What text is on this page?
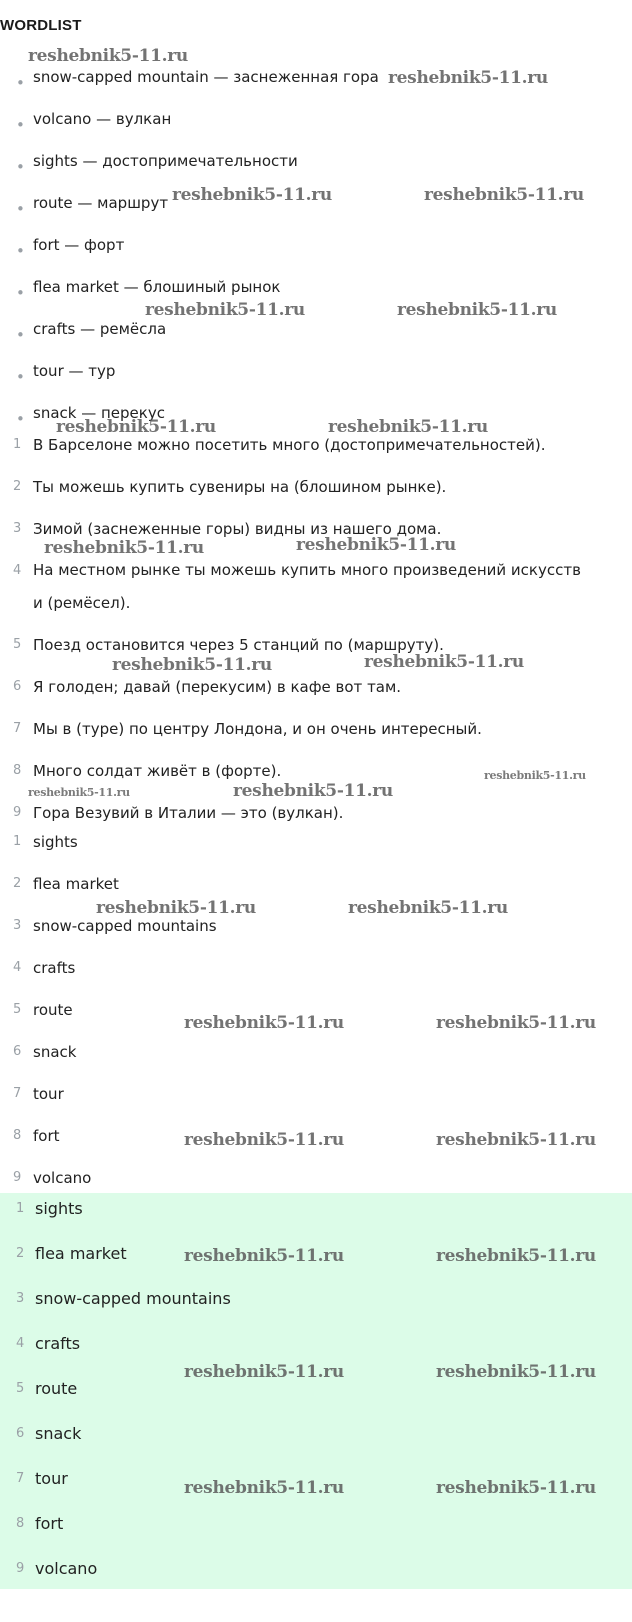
WORDLIST
• snow-capped mountain — заснеженная гора
• volcano — вулкан
• sights — достопримечательности
• route — маршрут
• fort — форт
• flea market — блошиный рынок
• crafts — ремёсла
• tour — тур
• snack — перекус
1 В Барселоне можно посетить много (достопримечательностей).
2 Ты можешь купить сувениры на (блошином рынке).
3 Зимой (заснеженные горы) видны из нашего дома.
4 На местном рынке ты можешь купить много произведений искусств и (ремёсел).
5 Поезд остановится через 5 станций по (маршруту).
6 Я голоден; давай (перекусим) в кафе вот там.
7 Мы в (туре) по центру Лондона, и он очень интересный.
8 Много солдат живёт в (форте).
9 Гора Везувий в Италии — это (вулкан).
1 sights
2 flea market
3 snow-capped mountains
4 crafts
5 route
6 snack
7 tour
8 fort
9 volcano
1 sights
2 flea market
3 snow-capped mountains
4 crafts
5 route
6 snack
7 tour
8 fort
9 volcano
reshebnik5-11.ru
reshebnik5-11.ru
reshebnik5-11.ru	reshebnik5-11.ru
reshebnik5-11.ru	reshebnik5-11.ru
reshebnik5-11.ru	reshebnik5-11.ru
reshebnik5-11.ru	reshebnik5-11.ru
reshebnik5-11.ru	reshebnik5-11.ru
reshebnik5-11.ru
reshebnik5-11.ru	reshebnik5-11.ru
reshebnik5-11.ru	reshebnik5-11.ru
reshebnik5-11.ru	reshebnik5-11.ru
reshebnik5-11.ru	reshebnik5-11.ru
reshebnik5-11.ru	reshebnik5-11.ru
reshebnik5-11.ru	reshebnik5-11.ru
reshebnik5-11.ru	reshebnik5-11.ru
